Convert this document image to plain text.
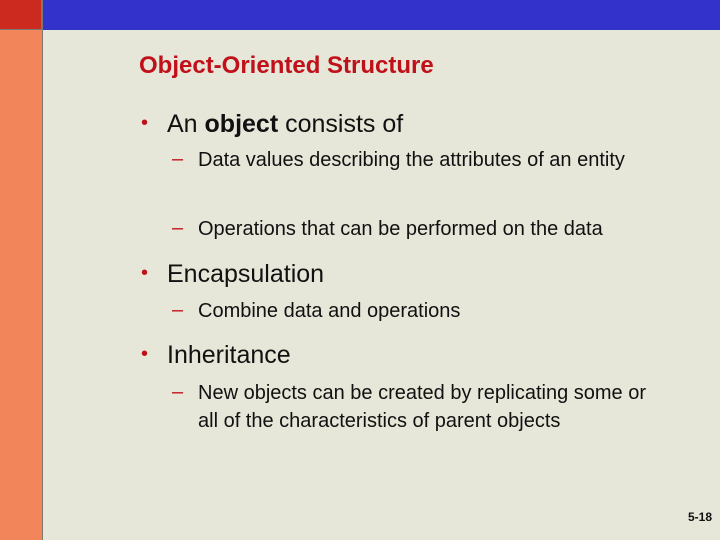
Object-Oriented Structure
• An object consists of
– Data values describing the attributes of an entity
– Operations that can be performed on the data
• Encapsulation
– Combine data and operations
• Inheritance
– New objects can be created by replicating some or all of the characteristics of parent objects
5-18
